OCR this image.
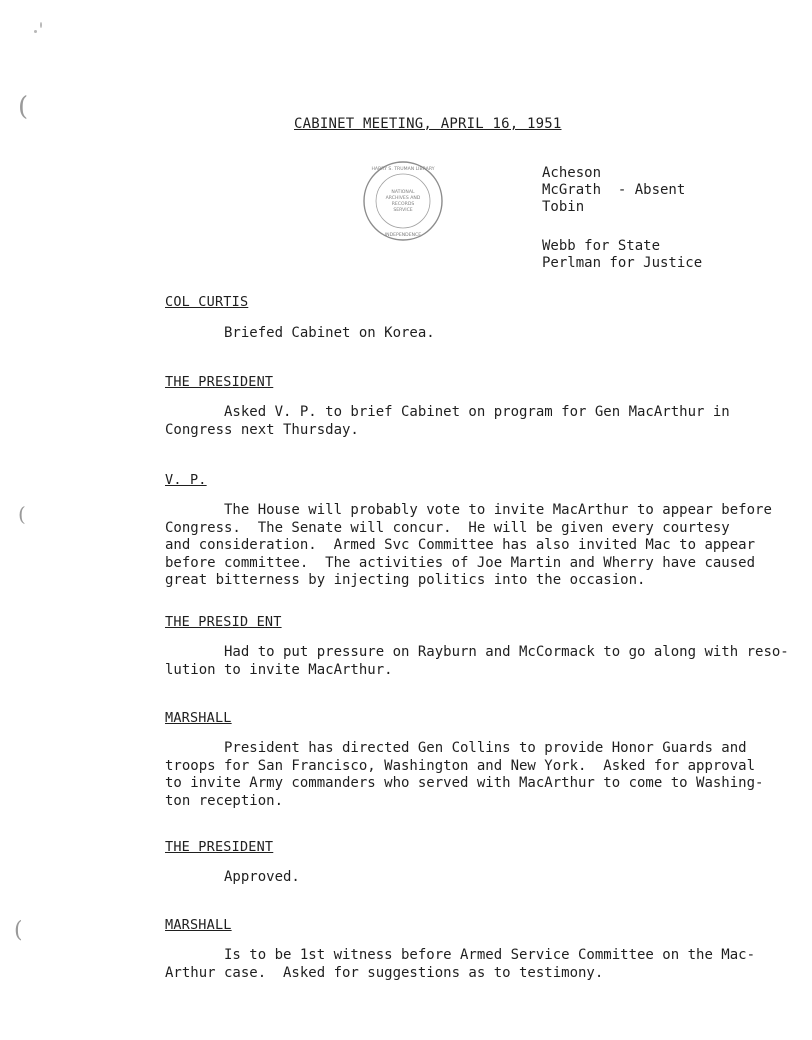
(
(
(
CABINET MEETING, APRIL 16, 1951
NATIONAL
ARCHIVES AND
RECORDS
SERVICE
HARRY S. TRUMAN LIBRARY
INDEPENDENCE
Acheson
McGrath  - Absent
Tobin
Webb for State
Perlman for Justice
COL CURTIS
Briefed Cabinet on Korea.
THE PRESIDENT
Asked V. P. to brief Cabinet on program for Gen MacArthur in
Congress next Thursday.
V. P.
The House will probably vote to invite MacArthur to appear before
Congress.  The Senate will concur.  He will be given every courtesy
and consideration.  Armed Svc Committee has also invited Mac to appear
before committee.  The activities of Joe Martin and Wherry have caused
great bitterness by injecting politics into the occasion.
THE PRESID ENT
Had to put pressure on Rayburn and McCormack to go along with reso-
lution to invite MacArthur.
MARSHALL
President has directed Gen Collins to provide Honor Guards and
troops for San Francisco, Washington and New York.  Asked for approval
to invite Army commanders who served with MacArthur to come to Washing-
ton reception.
THE PRESIDENT
Approved.
MARSHALL
Is to be 1st witness before Armed Service Committee on the Mac-
Arthur case.  Asked for suggestions as to testimony.
